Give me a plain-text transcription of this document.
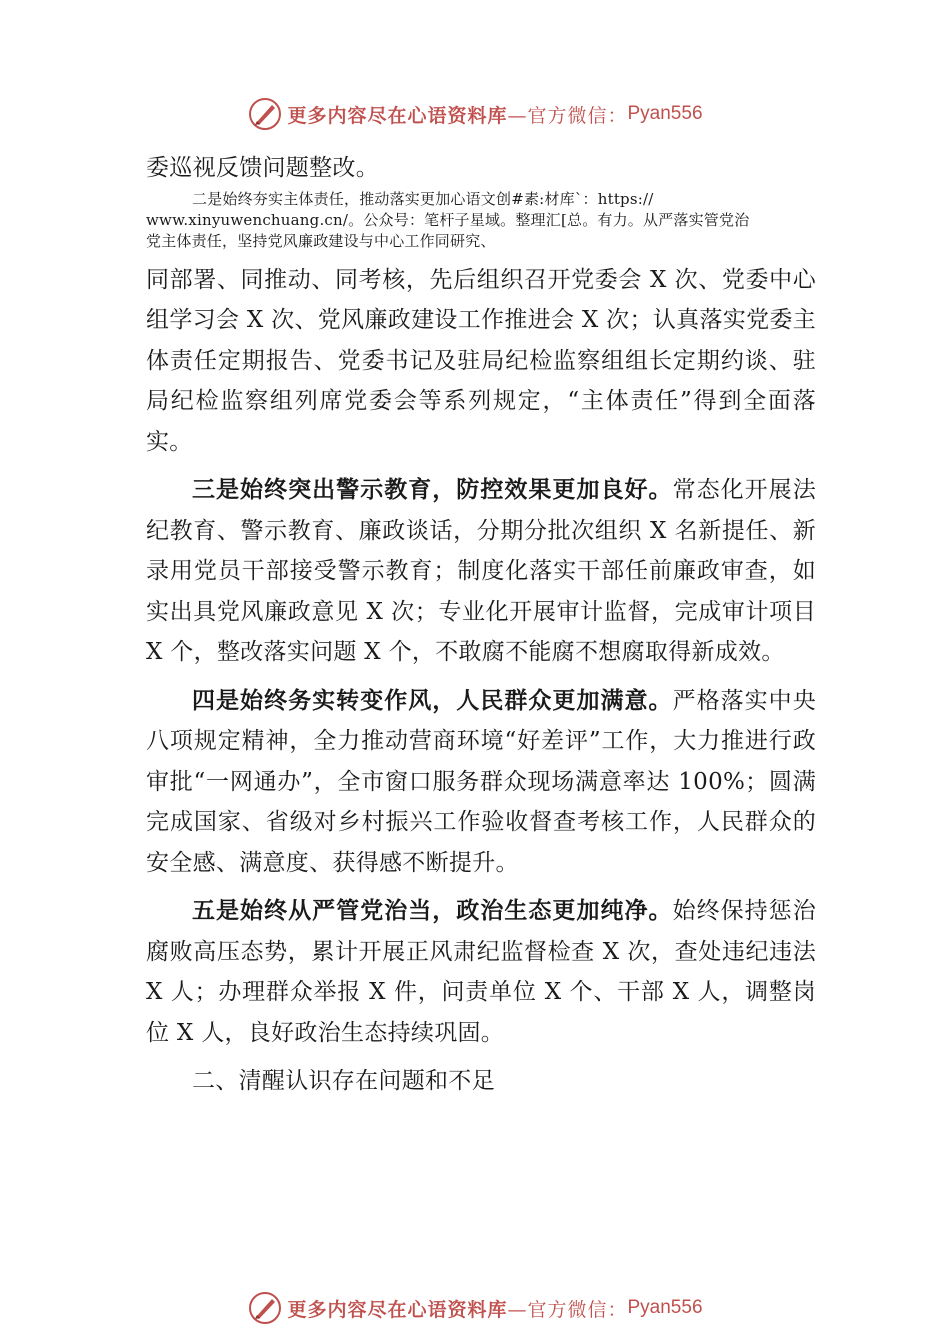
更多内容尽在心语资料库 —官方微信： Pyan556

委巡视反馈问题整改。

二是始终夯实主体责任，推动落实更加心语文创#素:材库`：https://
www.xinyuwenchuang.cn/。公众号：笔杆子星域。整理汇[总。有力。从严落实管党治
党主体责任，坚持党风廉政建设与中心工作同研究、

同部署、同推动、同考核，先后组织召开党委会 X 次、党委中心组学习会 X 次、党风廉政建设工作推进会 X 次；认真落实党委主体责任定期报告、党委书记及驻局纪检监察组组长定期约谈、驻局纪检监察组列席党委会等系列规定，“主体责任”得到全面落实。

三是始终突出警示教育，防控效果更加良好。常态化开展法纪教育、警示教育、廉政谈话，分期分批次组织 X 名新提任、新录用党员干部接受警示教育；制度化落实干部任前廉政审查，如实出具党风廉政意见 X 次；专业化开展审计监督，完成审计项目 X 个，整改落实问题 X 个，不敢腐不能腐不想腐取得新成效。

四是始终务实转变作风，人民群众更加满意。严格落实中央八项规定精神，全力推动营商环境“好差评”工作，大力推进行政审批“一网通办”，全市窗口服务群众现场满意率达 100%；圆满完成国家、省级对乡村振兴工作验收督查考核工作，人民群众的安全感、满意度、获得感不断提升。

五是始终从严管党治当，政治生态更加纯净。始终保持惩治腐败高压态势，累计开展正风肃纪监督检查 X 次，查处违纪违法 X 人；办理群众举报 X 件，问责单位 X 个、干部 X 人，调整岗位 X 人，良好政治生态持续巩固。

二、清醒认识存在问题和不足

更多内容尽在心语资料库 —官方微信： Pyan556
